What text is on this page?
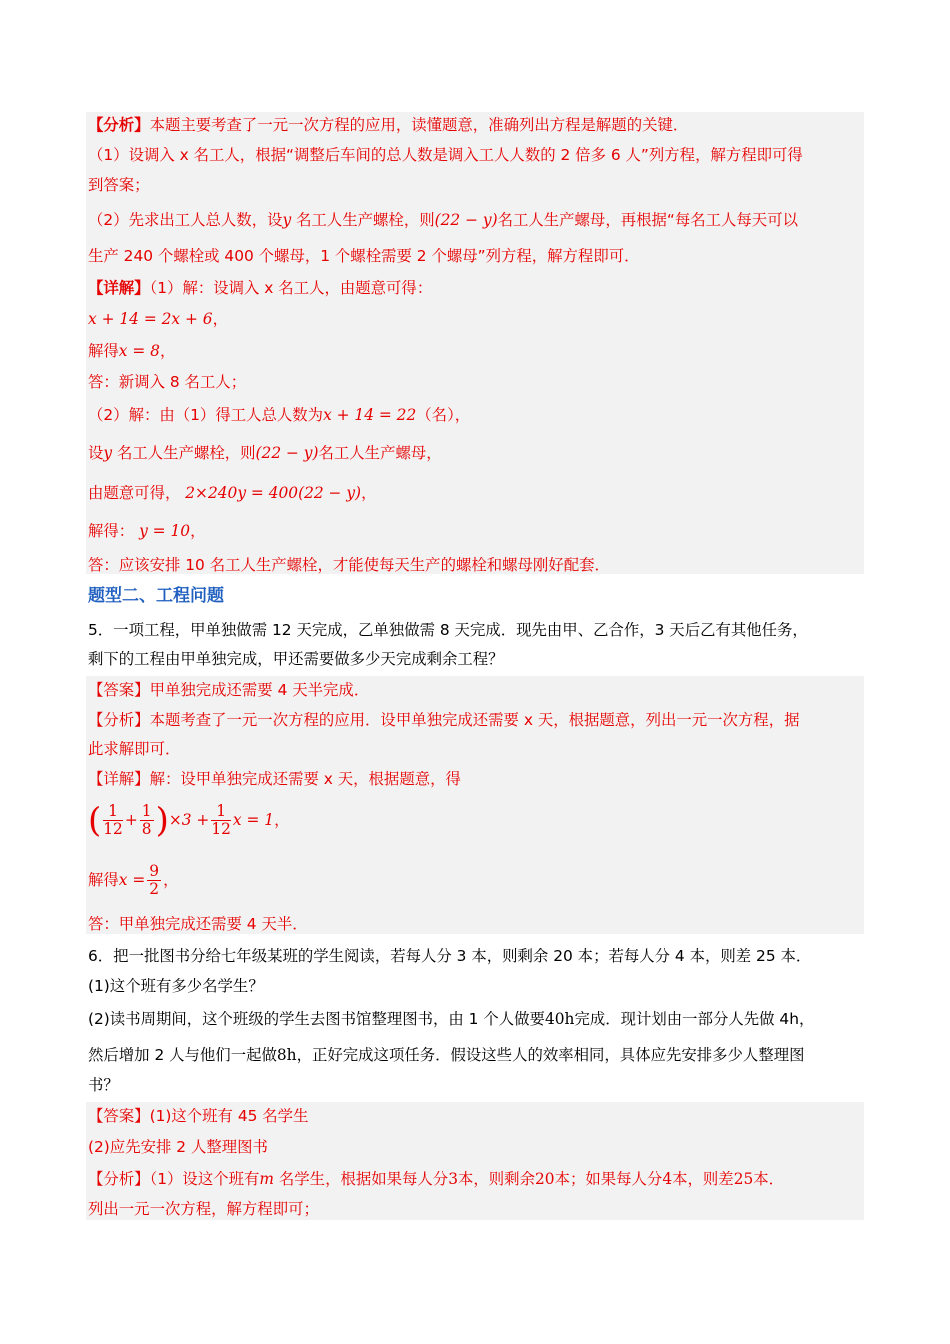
【分析】本题主要考查了一元一次方程的应用，读懂题意，准确列出方程是解题的关键．
（1）设调入 x 名工人，根据“调整后车间的总人数是调入工人人数的 2 倍多 6 人”列方程，解方程即可得
到答案；
（2）先求出工人总人数，设y 名工人生产螺栓，则(22 − y)名工人生产螺母，再根据“每名工人每天可以
生产 240 个螺栓或 400 个螺母，1 个螺栓需要 2 个螺母”列方程，解方程即可．
【详解】（1）解：设调入 x 名工人，由题意可得：
x + 14 = 2x + 6，
解得x = 8，
答：新调入 8 名工人；
（2）解：由（1）得工人总人数为x + 14 = 22（名），
设y 名工人生产螺栓，则(22 − y)名工人生产螺母，
由题意可得， 2×240y = 400(22 − y)，
解得： y = 10，
答：应该安排 10 名工人生产螺栓，才能使每天生产的螺栓和螺母刚好配套．
题型二、工程问题
5．一项工程，甲单独做需 12 天完成，乙单独做需 8 天完成．现先由甲、乙合作，3 天后乙有其他任务，
剩下的工程由甲单独完成，甲还需要做多少天完成剩余工程？
【答案】甲单独完成还需要 4 天半完成．
【分析】本题考查了一元一次方程的应用．设甲单独完成还需要 x 天，根据题意，列出一元一次方程，据
此求解即可．
【详解】解：设甲单独完成还需要 x 天，根据题意，得
( $\frac{1}{12} + \frac{1}{8} )\times 3 + \frac{1}{12}$ x = 1，
解得$x = \frac{9}{2}$ ，
答：甲单独完成还需要 4 天半．
6．把一批图书分给七年级某班的学生阅读，若每人分 3 本，则剩余 20 本；若每人分 4 本，则差 25 本．
(1)这个班有多少名学生？
(2)读书周期间，这个班级的学生去图书馆整理图书，由 1 个人做要40h完成．现计划由一部分人先做 4h，
然后增加 2 人与他们一起做8h，正好完成这项任务．假设这些人的效率相同，具体应先安排多少人整理图
书？
【答案】(1)这个班有 45 名学生
(2)应先安排 2 人整理图书
【分析】（1）设这个班有m 名学生，根据如果每人分3本，则剩余20本；如果每人分4本，则差25本．
列出一元一次方程，解方程即可；
